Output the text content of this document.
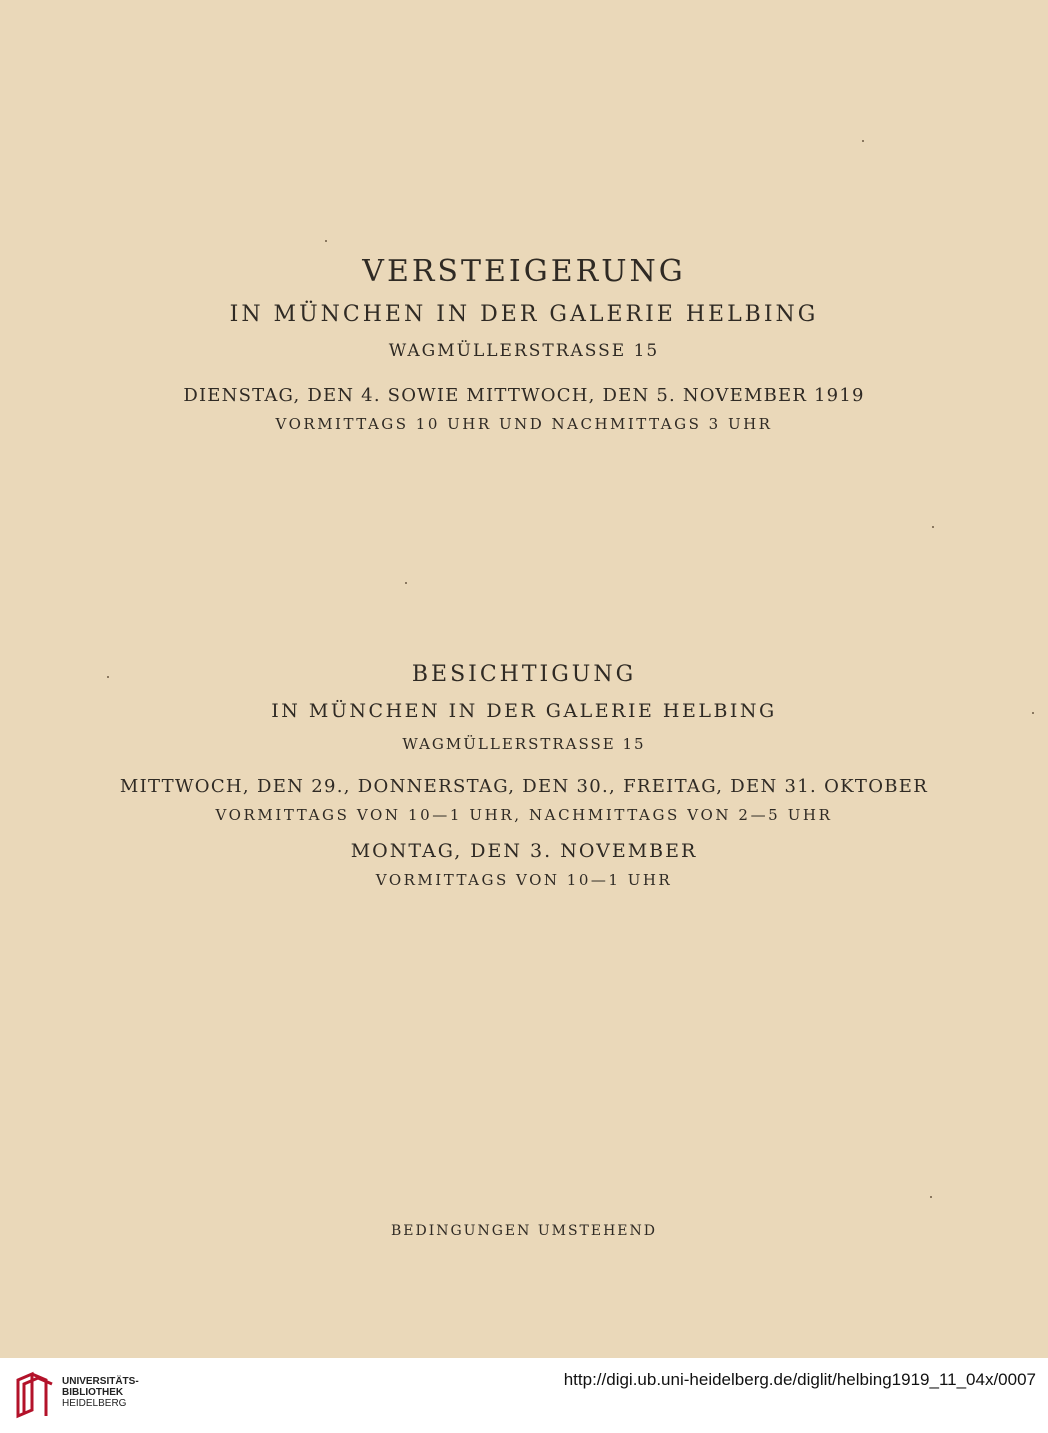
VERSTEIGERUNG
IN MÜNCHEN IN DER GALERIE HELBING
WAGMÜLLERSTRASSE 15
DIENSTAG, DEN 4. SOWIE MITTWOCH, DEN 5. NOVEMBER 1919
VORMITTAGS 10 UHR UND NACHMITTAGS 3 UHR
BESICHTIGUNG
IN MÜNCHEN IN DER GALERIE HELBING
WAGMÜLLERSTRASSE 15
MITTWOCH, DEN 29., DONNERSTAG, DEN 30., FREITAG, DEN 31. OKTOBER
VORMITTAGS VON 10—1 UHR, NACHMITTAGS VON 2—5 UHR
MONTAG, DEN 3. NOVEMBER
VORMITTAGS VON 10—1 UHR
BEDINGUNGEN UMSTEHEND
UNIVERSITÄTS-
BIBLIOTHEK
HEIDELBERG
http://digi.ub.uni-heidelberg.de/diglit/helbing1919_11_04x/0007
